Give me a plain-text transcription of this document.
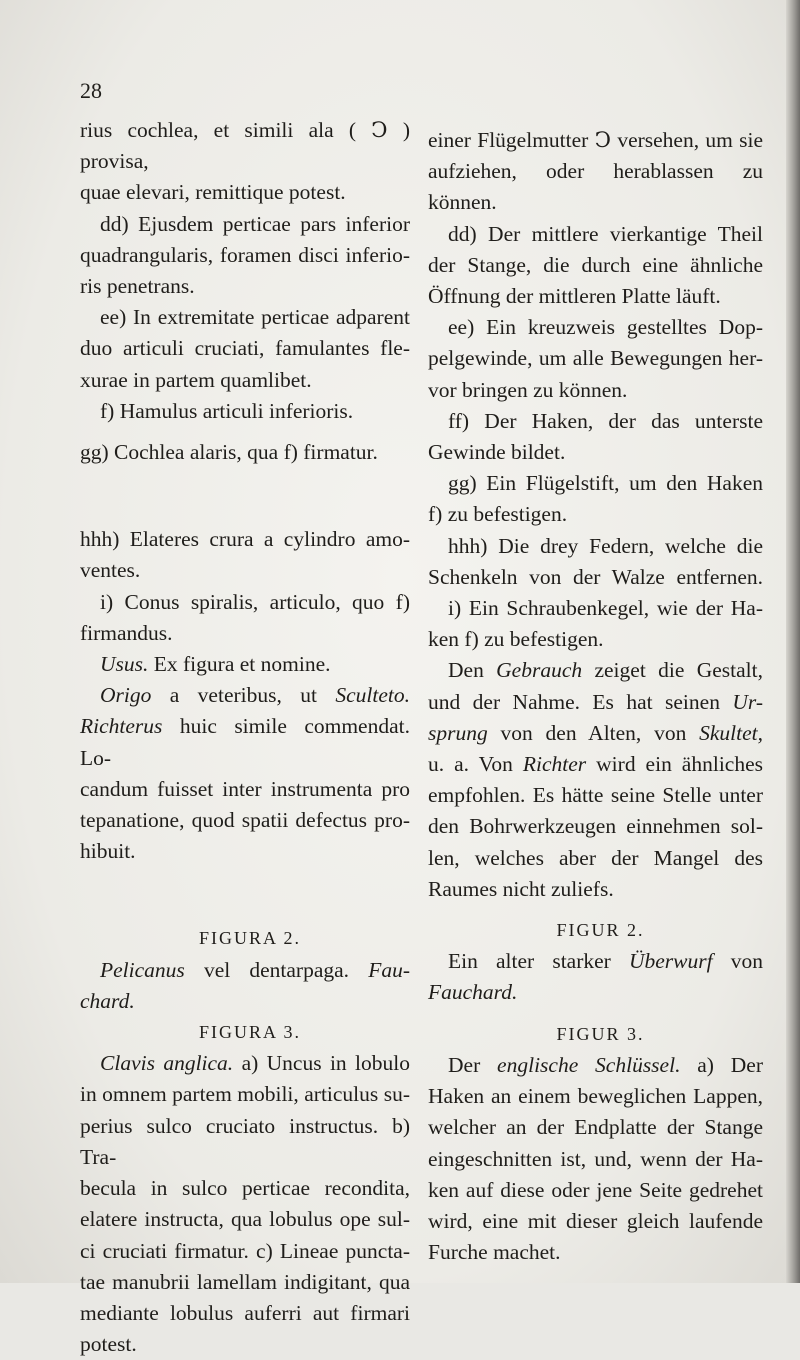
28

rius cochlea, et simili ala ( Ↄ ) provisa,

quae elevari, remittique potest.

dd) Ejusdem perticae pars inferior

quadrangularis, foramen disci inferio-

ris penetrans.

ee) In extremitate perticae adparent

duo articuli cruciati, famulantes fle-

xurae in partem quamlibet.

f) Hamulus articuli inferioris.

gg) Cochlea alaris, qua f) firmatur.

hhh) Elateres crura a cylindro amo-

ventes.

i) Conus spiralis, articulo, quo f)

firmandus.

Usus. Ex figura et nomine.

Origo a veteribus, ut Sculteto.

Richterus huic simile commendat. Lo-

candum fuisset inter instrumenta pro

tepanatione, quod spatii defectus pro-

hibuit.

FIGURA 2.

Pelicanus vel dentarpaga. Fau-

chard.

FIGURA 3.

Clavis anglica. a) Uncus in lobulo

in omnem partem mobili, articulus su-

perius sulco cruciato instructus. b) Tra-

becula in sulco perticae recondita,

elatere instructa, qua lobulus ope sul-

ci cruciati firmatur. c) Lineae puncta-

tae manubrii lamellam indigitant, qua

mediante lobulus auferri aut firmari

potest.

einer Flügelmutter Ↄ versehen, um sie

aufziehen, oder herablassen zu können.

dd) Der mittlere vierkantige Theil

der Stange, die durch eine ähnliche

Öffnung der mittleren Platte läuft.

ee) Ein kreuzweis gestelltes Dop-

pelgewinde, um alle Bewegungen her-

vor bringen zu können.

ff) Der Haken, der das unterste

Gewinde bildet.

gg) Ein Flügelstift, um den Haken

f) zu befestigen.

hhh) Die drey Federn, welche die

Schenkeln von der Walze entfernen.

i) Ein Schraubenkegel, wie der Ha-

ken f) zu befestigen.

Den Gebrauch zeiget die Gestalt,

und der Nahme. Es hat seinen Ur-

sprung von den Alten, von Skultet,

u. a. Von Richter wird ein ähnliches

empfohlen. Es hätte seine Stelle unter

den Bohrwerkzeugen einnehmen sol-

len, welches aber der Mangel des

Raumes nicht zuliefs.

FIGUR 2.

Ein alter starker Überwurf von

Fauchard.

FIGUR 3.

Der englische Schlüssel. a) Der

Haken an einem beweglichen Lappen,

welcher an der Endplatte der Stange

eingeschnitten ist, und, wenn der Ha-

ken auf diese oder jene Seite gedrehet

wird, eine mit dieser gleich laufende

Furche machet.
